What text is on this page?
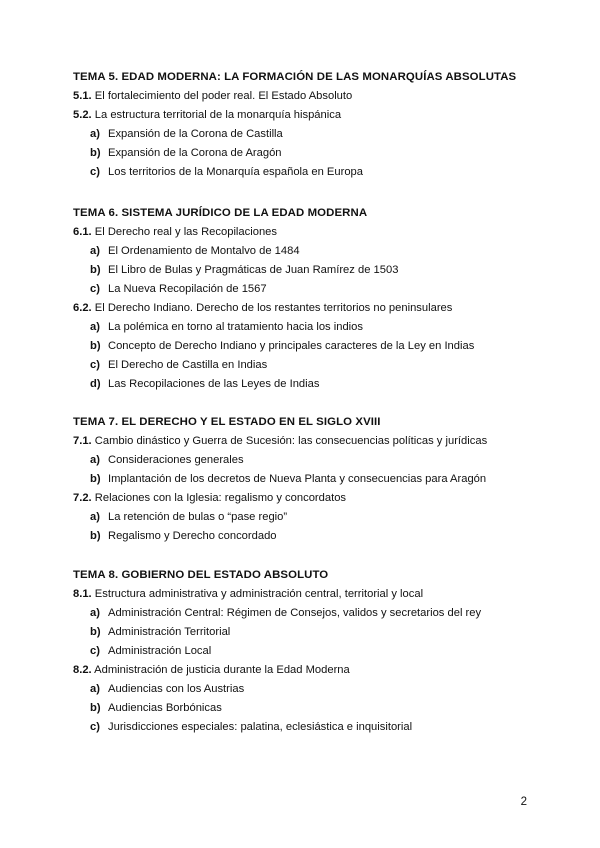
TEMA 5. EDAD MODERNA: LA FORMACIÓN DE LAS MONARQUÍAS ABSOLUTAS
5.1. El fortalecimiento del poder real. El Estado Absoluto
5.2. La estructura territorial de la monarquía hispánica
a) Expansión de la Corona de Castilla
b) Expansión de la Corona de Aragón
c) Los territorios de la Monarquía española en Europa
TEMA 6. SISTEMA JURÍDICO DE LA EDAD MODERNA
6.1. El Derecho real y las Recopilaciones
a) El Ordenamiento de Montalvo de 1484
b) El Libro de Bulas y Pragmáticas de Juan Ramírez de 1503
c) La Nueva Recopilación de 1567
6.2. El Derecho Indiano. Derecho de los restantes territorios no peninsulares
a) La polémica en torno al tratamiento hacia los indios
b) Concepto de Derecho Indiano y principales caracteres de la Ley en Indias
c) El Derecho de Castilla en Indias
d) Las Recopilaciones de las Leyes de Indias
TEMA 7. EL DERECHO Y EL ESTADO EN EL SIGLO XVIII
7.1. Cambio dinástico y Guerra de Sucesión: las consecuencias políticas y jurídicas
a) Consideraciones generales
b) Implantación de los decretos de Nueva Planta y consecuencias para Aragón
7.2. Relaciones con la Iglesia: regalismo y concordatos
a) La retención de bulas o “pase regio”
b) Regalismo y Derecho concordado
TEMA 8. GOBIERNO DEL ESTADO ABSOLUTO
8.1. Estructura administrativa y administración central, territorial y local
a) Administración Central: Régimen de Consejos, validos y secretarios del rey
b) Administración Territorial
c) Administración Local
8.2. Administración de justicia durante la Edad Moderna
a) Audiencias con los Austrias
b) Audiencias Borbónicas
c) Jurisdicciones especiales: palatina, eclesiástica e inquisitorial
2
